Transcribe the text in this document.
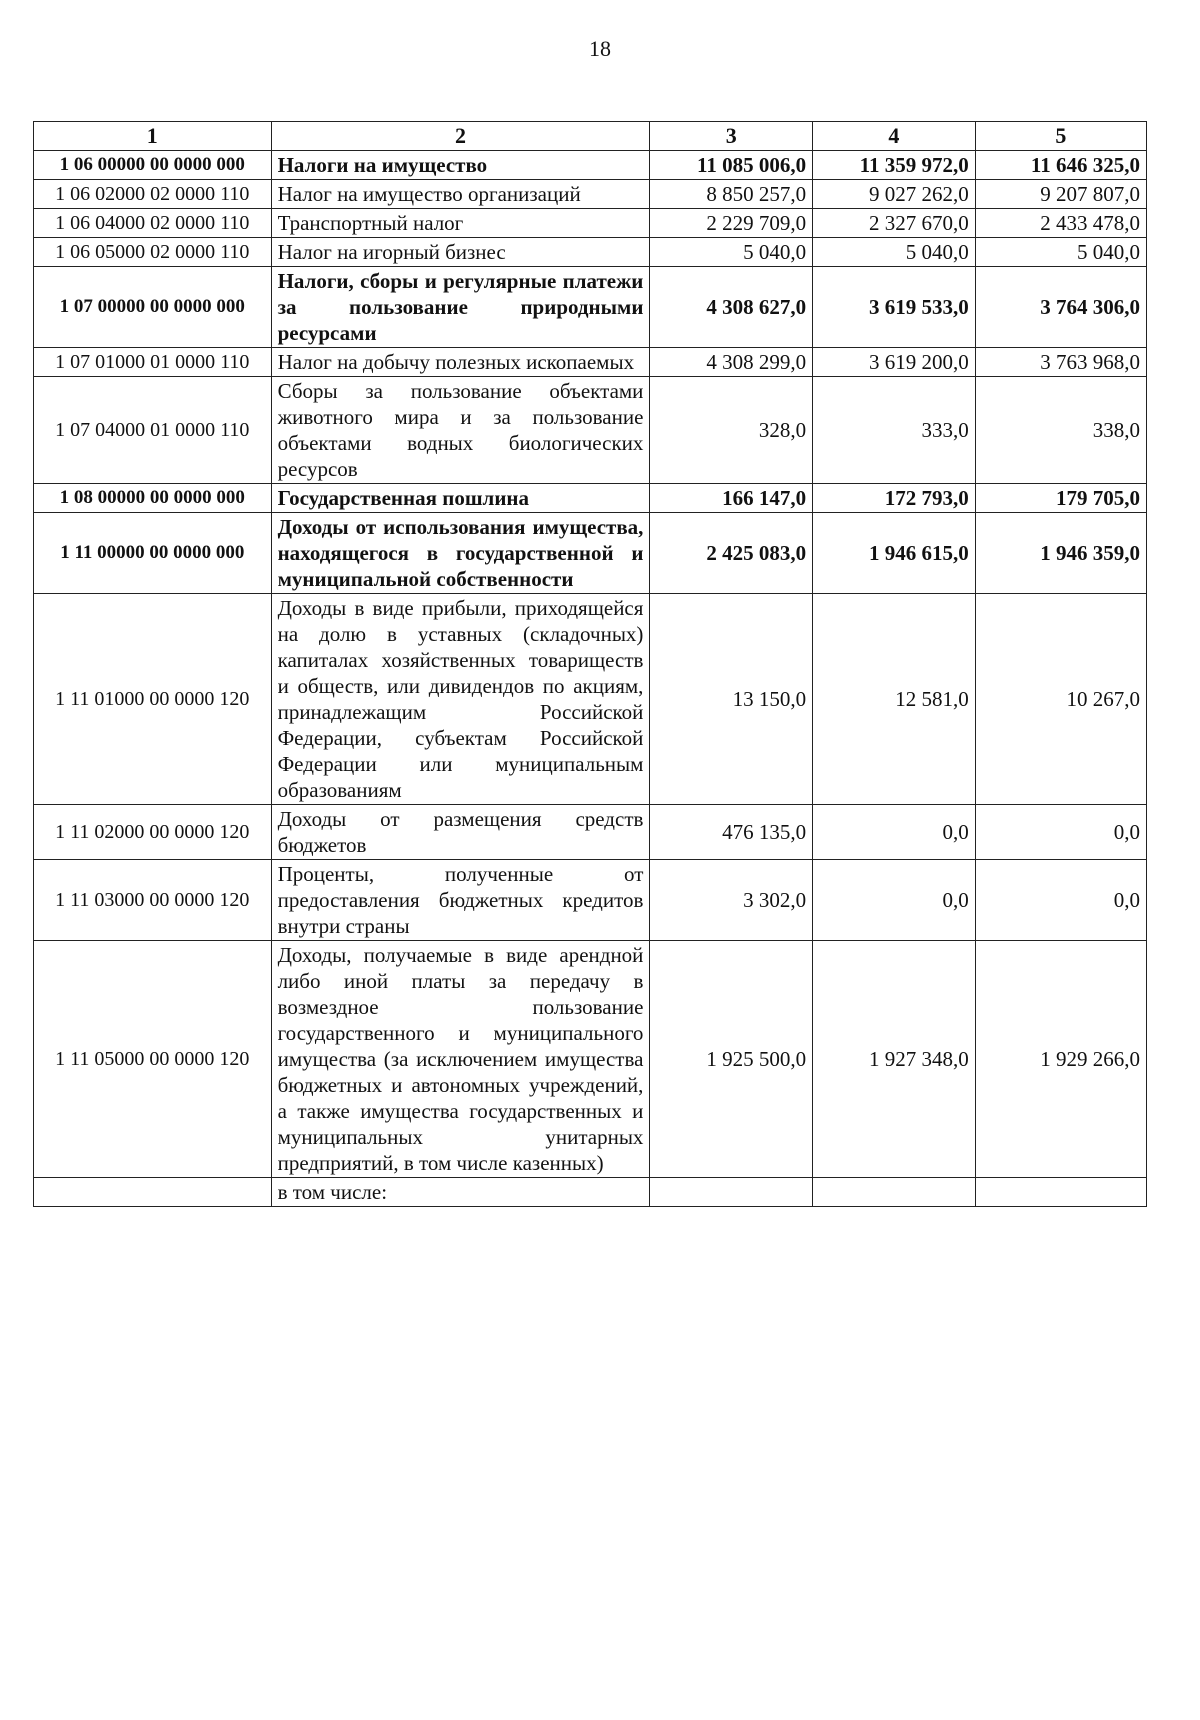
18
1	2	3	4	5
1 06 00000 00 0000 000	Налоги на имущество	11 085 006,0	11 359 972,0	11 646 325,0
1 06 02000 02 0000 110	Налог на имущество организаций	8 850 257,0	9 027 262,0	9 207 807,0
1 06 04000 02 0000 110	Транспортный налог	2 229 709,0	2 327 670,0	2 433 478,0
1 06 05000 02 0000 110	Налог на игорный бизнес	5 040,0	5 040,0	5 040,0
1 07 00000 00 0000 000	Налоги, сборы и регулярные платежи за пользование природными ресурсами	4 308 627,0	3 619 533,0	3 764 306,0
1 07 01000 01 0000 110	Налог на добычу полезных ископаемых	4 308 299,0	3 619 200,0	3 763 968,0
1 07 04000 01 0000 110	Сборы за пользование объектами животного мира и за пользование объектами водных биологических ресурсов	328,0	333,0	338,0
1 08 00000 00 0000 000	Государственная пошлина	166 147,0	172 793,0	179 705,0
1 11 00000 00 0000 000	Доходы от использования имущества, находящегося в государственной и муниципальной собственности	2 425 083,0	1 946 615,0	1 946 359,0
1 11 01000 00 0000 120	Доходы в виде прибыли, приходящейся на долю в уставных (складочных) капиталах хозяйственных товариществ и обществ, или дивидендов по акциям, принадлежащим Российской Федерации, субъектам Российской Федерации или муниципальным образованиям	13 150,0	12 581,0	10 267,0
1 11 02000 00 0000 120	Доходы от размещения средств бюджетов	476 135,0	0,0	0,0
1 11 03000 00 0000 120	Проценты, полученные от предоставления бюджетных кредитов внутри страны	3 302,0	0,0	0,0
1 11 05000 00 0000 120	Доходы, получаемые в виде арендной либо иной платы за передачу в возмездное пользование государственного и муниципального имущества (за исключением имущества бюджетных и автономных учреждений, а также имущества государственных и муниципальных унитарных предприятий, в том числе казенных)	1 925 500,0	1 927 348,0	1 929 266,0
	в том числе:			
